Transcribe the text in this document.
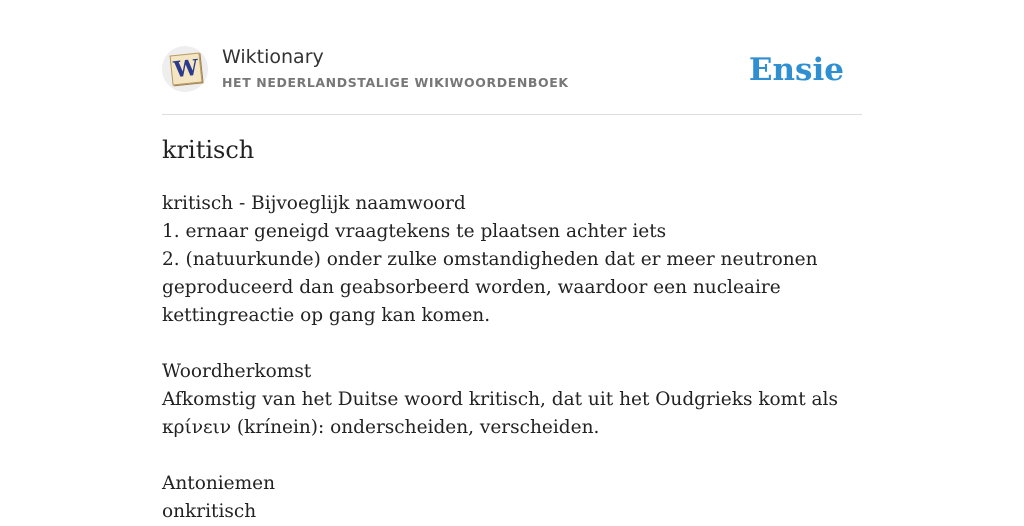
W Wiktionary
HET NEDERLANDSTALIGE WIKIWOORDENBOEK	Ensie
kritisch

kritisch - Bijvoeglijk naamwoord

1. ernaar geneigd vraagtekens te plaatsen achter iets

2. (natuurkunde) onder zulke omstandigheden dat er meer neutronen geproduceerd dan geabsorbeerd worden, waardoor een nucleaire kettingreactie op gang kan komen.

Woordherkomst

Afkomstig van het Duitse woord kritisch, dat uit het Oudgrieks komt als κρίνειν (krínein): onderscheiden, verscheiden.

Antoniemen

onkritisch
